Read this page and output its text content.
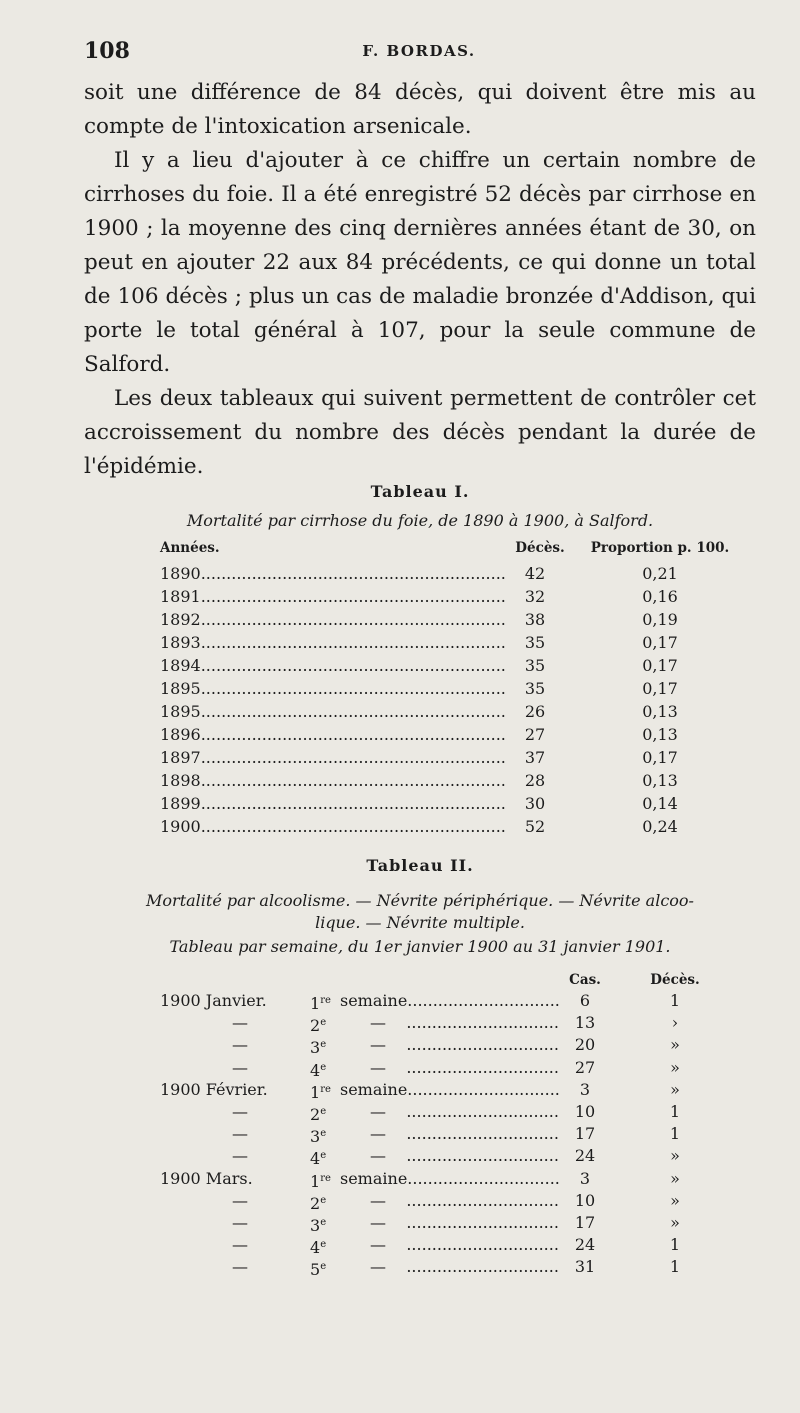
108	F. BORDAS.

soit une différence de 84 décès, qui doivent être mis au compte de l'intoxication arsenicale.

Il y a lieu d'ajouter à ce chiffre un certain nombre de cirrhoses du foie. Il a été enregistré 52 décès par cirrhose en 1900 ; la moyenne des cinq dernières années étant de 30, on peut en ajouter 22 aux 84 précédents, ce qui donne un total de 106 décès ; plus un cas de maladie bronzée d'Addison, qui porte le total général à 107, pour la seule commune de Salford.

Les deux tableaux qui suivent permettent de contrôler cet accroissement du nombre des décès pendant la durée de l'épidémie.

Tableau I.
Mortalité par cirrhose du foie, de 1890 à 1900, à Salford.
Années.	Décès.	Proportion p. 100.
1890............................................................	42	0,21
1891............................................................	32	0,16
1892............................................................	38	0,19
1893............................................................	35	0,17
1894............................................................	35	0,17
1895............................................................	35	0,17
1895............................................................	26	0,13
1896............................................................	27	0,13
1897............................................................	37	0,17
1898............................................................	28	0,13
1899............................................................	30	0,14
1900............................................................	52	0,24
Tableau II.
Mortalité par alcoolisme. — Névrite périphérique. — Névrite alcoo-
lique. — Névrite multiple.
Tableau par semaine, du 1er janvier 1900 au 31 janvier 1901.
Cas.	Décès.
1900 Janvier.	1re semaine..............................	6	1
—	2e	—    .............................. 13	›
—	3e	—    .............................. 20	»
—	4e	—    .............................. 27	»
1900 Février.	1re semaine..............................	3	»
—	2e	—    .............................. 10	1
—	3e	—    .............................. 17	1
—	4e	—    .............................. 24	»
1900 Mars.	1re semaine..............................	3	»
—	2e	—    .............................. 10	»
—	3e	—    .............................. 17	»
—	4e	—    .............................. 24	1
—	5e	—    .............................. 31	1
